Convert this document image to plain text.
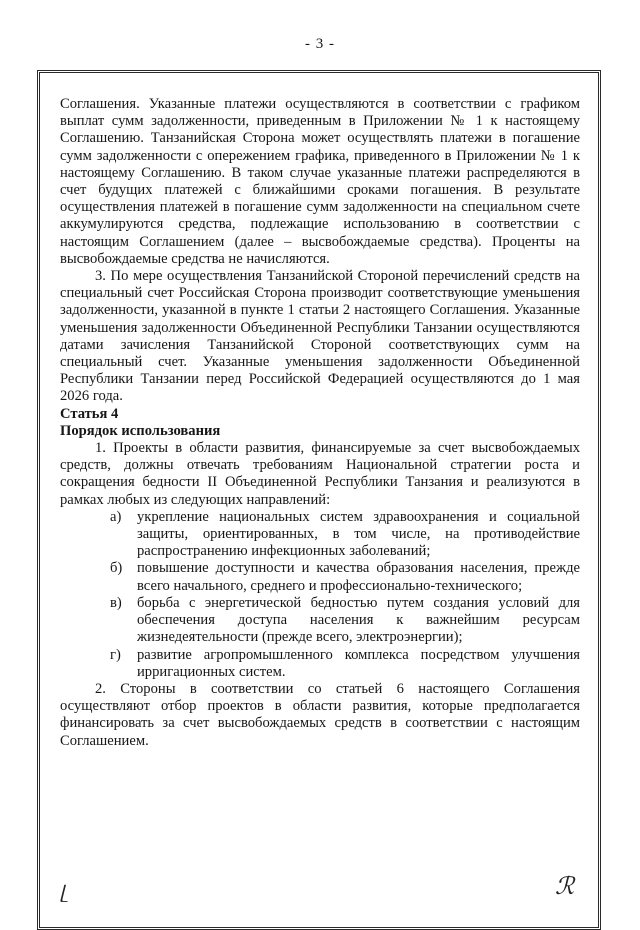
- 3 -

Соглашения. Указанные платежи осуществляются в соответствии с графиком выплат сумм задолженности, приведенным в Приложении № 1 к настоящему Соглашению. Танзанийская Сторона может осуществлять платежи в погашение сумм задолженности с опережением графика, приведенного в Приложении № 1 к настоящему Соглашению. В таком случае указанные платежи распределяются в счет будущих платежей с ближайшими сроками погашения. В результате осуществления платежей в погашение сумм задолженности на специальном счете аккумулируются средства, подлежащие использованию в соответствии с настоящим Соглашением (далее – высвобождаемые средства). Проценты на высвобождаемые средства не начисляются.

3. По мере осуществления Танзанийской Стороной перечислений средств на специальный счет Российская Сторона производит соответствующие уменьшения задолженности, указанной в пункте 1 статьи 2 настоящего Соглашения. Указанные уменьшения задолженности Объединенной Республики Танзании осуществляются датами зачисления Танзанийской Стороной соответствующих сумм на специальный счет. Указанные уменьшения задолженности Объединенной Республики Танзании перед Российской Федерацией осуществляются до 1 мая 2026 года.

Статья 4

Порядок использования

1. Проекты в области развития, финансируемые за счет высвобождаемых средств, должны отвечать требованиям Национальной стратегии роста и сокращения бедности II Объединенной Республики Танзания и реализуются в рамках любых из следующих направлений:

а) укрепление национальных систем здравоохранения и социальной защиты, ориентированных, в том числе, на противодействие распространению инфекционных заболеваний;
б) повышение доступности и качества образования населения, прежде всего начального, среднего и профессионально-технического;
в) борьба с энергетической бедностью путем создания условий для обеспечения доступа населения к важнейшим ресурсам жизнедеятельности (прежде всего, электроэнергии);
г) развитие агропромышленного комплекса посредством улучшения ирригационных систем.

2. Стороны в соответствии со статьей 6 настоящего Соглашения осуществляют отбор проектов в области развития, которые предполагается финансировать за счет высвобождаемых средств в соответствии с настоящим Соглашением.

ᥨ	ℛ
